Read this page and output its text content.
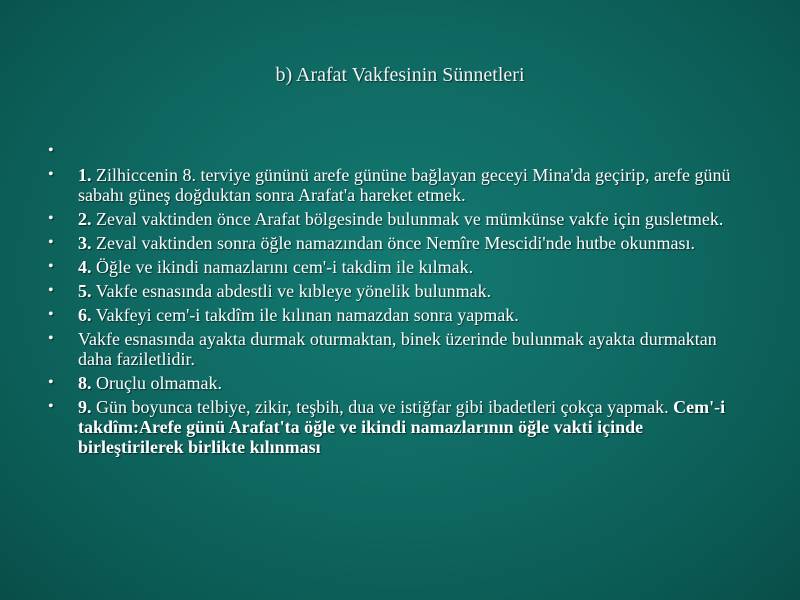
b) Arafat Vakfesinin Sünnetleri
•
• 1. Zilhiccenin 8. terviye gününü arefe gününe bağlayan geceyi Mina'da geçirip, arefe günü sabahı güneş doğduktan sonra Arafat'a hareket etmek.
• 2. Zeval vaktinden önce Arafat bölgesinde bulunmak ve mümkünse vakfe için gusletmek.
• 3. Zeval vaktinden sonra öğle namazından önce Nemîre Mescidi'nde hutbe okunması.
• 4. Öğle ve ikindi namazlarını cem'-i takdim ile kılmak.
• 5. Vakfe esnasında abdestli ve kıbleye yönelik bulunmak.
• 6. Vakfeyi cem'-i takdîm ile kılınan namazdan sonra yapmak.
• Vakfe esnasında ayakta durmak oturmaktan, binek üzerinde bulunmak ayakta durmaktan daha faziletlidir.
• 8. Oruçlu olmamak.
• 9. Gün boyunca telbiye, zikir, teşbih, dua ve istiğfar gibi ibadetleri çokça yapmak. Cem'-i takdîm:Arefe günü Arafat'ta öğle ve ikindi namazlarının öğle vakti içinde birleştirilerek birlikte kılınması
